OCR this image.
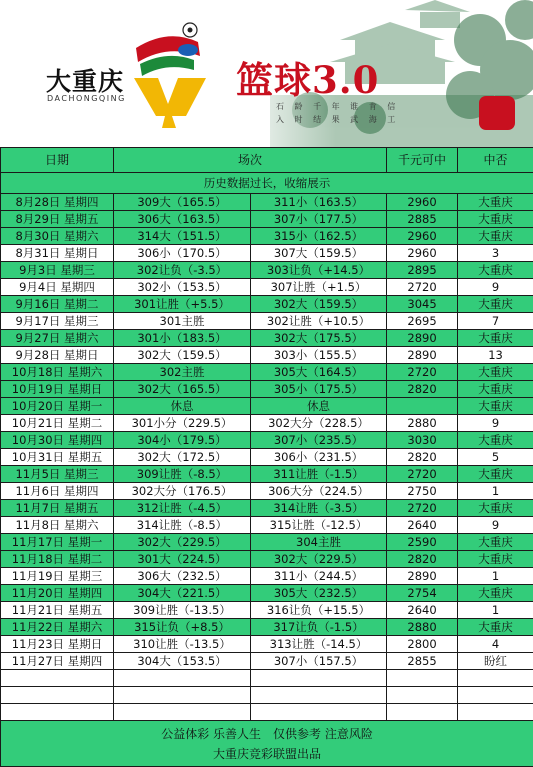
大重庆
DACHONGQING	篮球3.0
石 龄 千 年 谁 肯 信
入 时 结 果 武 海 工
日期	场次		千元可中	中否
历史数据过长，收缩展示				
8月28日 星期四	309大（165.5）	311小（163.5）	2960	大重庆
8月29日 星期五	306大（163.5）	307小（177.5）	2885	大重庆
8月30日 星期六	314大（151.5）	315小（162.5）	2960	大重庆
8月31日 星期日	306小（170.5）	307大（159.5）	2960	3
9月3日 星期三	302让负（-3.5）	303让负（+14.5）	2895	大重庆
9月4日 星期四	302小（153.5）	307让胜（+1.5）	2720	9
9月16日 星期二	301让胜（+5.5）	302大（159.5）	3045	大重庆
9月17日 星期三	301主胜	302让胜（+10.5）	2695	7
9月27日 星期六	301小（183.5）	302大（175.5）	2890	大重庆
9月28日 星期日	302大（159.5）	303小（155.5）	2890	13
10月18日 星期六	302主胜	305大（164.5）	2720	大重庆
10月19日 星期日	302大（165.5）	305小（175.5）	2820	大重庆
10月20日 星期一	休息	休息		大重庆
10月21日 星期二	301小分（229.5）	302大分（228.5）	2880	9
10月30日 星期四	304小（179.5）	307小（235.5）	3030	大重庆
10月31日 星期五	302大（172.5）	306小（231.5）	2820	5
11月5日 星期三	309让胜（-8.5）	311让胜（-1.5）	2720	大重庆
11月6日 星期四	302大分（176.5）	306大分（224.5）	2750	1
11月7日 星期五	312让胜（-4.5）	314让胜（-3.5）	2720	大重庆
11月8日 星期六	314让胜（-8.5）	315让胜（-12.5）	2640	9
11月17日 星期一	302大（229.5）	304主胜	2590	大重庆
11月18日 星期二	301大（224.5）	302大（229.5）	2820	大重庆
11月19日 星期三	306大（232.5）	311小（244.5）	2890	1
11月20日 星期四	304大（221.5）	305大（232.5）	2754	大重庆
11月21日 星期五	309让胜（-13.5）	316让负（+15.5）	2640	1
11月22日 星期六	315让负（+8.5）	317让负（-1.5）	2880	大重庆
11月23日 星期日	310让胜（-13.5）	313让胜（-14.5）	2800	4
11月27日 星期四	304大（153.5）	307小（157.5）	2855	盼红

公益体彩 乐善人生　仅供参考 注意风险
大重庆竞彩联盟出品				
